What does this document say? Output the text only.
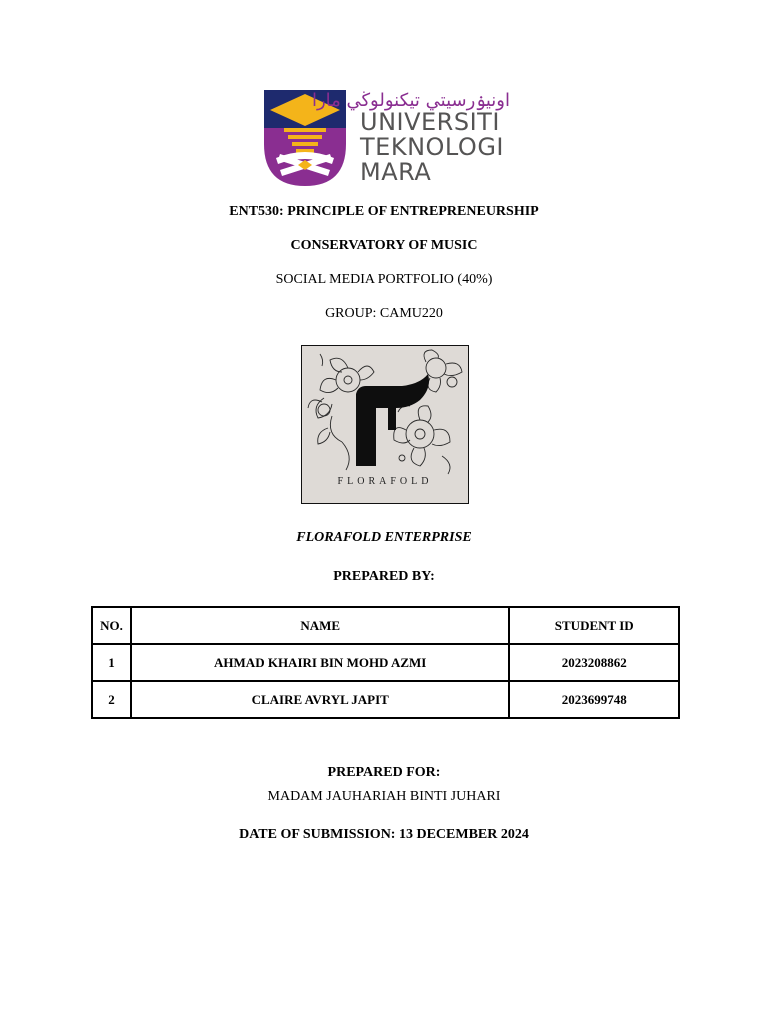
اونيۏرسيتي تيكنولوڬي مارا
UNIVERSITI
TEKNOLOGI
MARA
ENT530: PRINCIPLE OF ENTREPRENEURSHIP
CONSERVATORY OF MUSIC
SOCIAL MEDIA PORTFOLIO (40%)
GROUP: CAMU220
FLORAFOLD
FLORAFOLD ENTERPRISE
PREPARED BY:
NO.	NAME	STUDENT ID
1	AHMAD KHAIRI BIN MOHD AZMI	2023208862
2	CLAIRE AVRYL JAPIT	2023699748
PREPARED FOR:
MADAM JAUHARIAH BINTI JUHARI
DATE OF SUBMISSION: 13 DECEMBER 2024
